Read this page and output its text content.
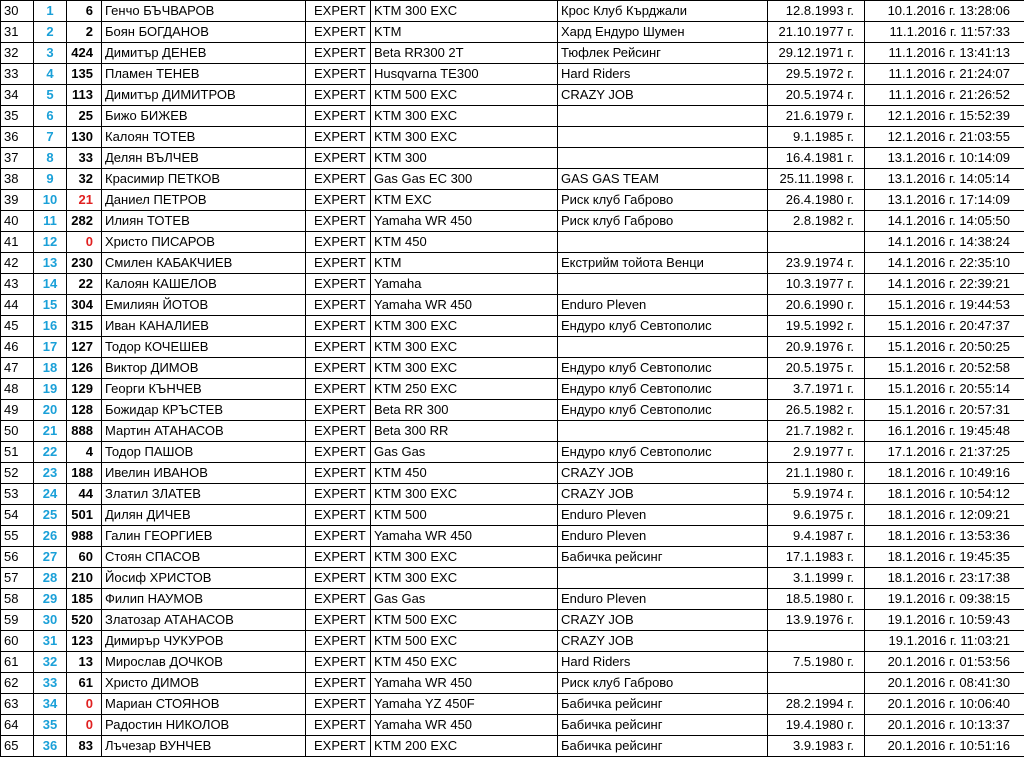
30	1	6	Генчо БЪЧВАРОВ	EXPERT	KTM 300 EXC	Крос Клуб Кърджали	12.8.1993 г.	10.1.2016 г. 13:28:06
31	2	2	Боян БОГДАНОВ	EXPERT	KTM	Хард Ендуро Шумен	21.10.1977 г.	11.1.2016 г. 11:57:33
32	3	424	Димитър ДЕНЕВ	EXPERT	Beta RR300 2T	Тюфлек Рейсинг	29.12.1971 г.	11.1.2016 г. 13:41:13
33	4	135	Пламен ТЕНЕВ	EXPERT	Husqvarna TE300	Hard Riders	29.5.1972 г.	11.1.2016 г. 21:24:07
34	5	113	Димитър ДИМИТРОВ	EXPERT	KTM 500 EXC	CRAZY JOB	20.5.1974 г.	11.1.2016 г. 21:26:52
35	6	25	Бижо БИЖЕВ	EXPERT	KTM 300 EXC		21.6.1979 г.	12.1.2016 г. 15:52:39
36	7	130	Калоян ТОТЕВ	EXPERT	KTM 300 EXC		9.1.1985 г.	12.1.2016 г. 21:03:55
37	8	33	Делян ВЪЛЧЕВ	EXPERT	KTM 300		16.4.1981 г.	13.1.2016 г. 10:14:09
38	9	32	Красимир ПЕТКОВ	EXPERT	Gas Gas EC 300	GAS GAS TEAM	25.11.1998 г.	13.1.2016 г. 14:05:14
39	10	21	Даниел ПЕТРОВ	EXPERT	KTM EXC	Риск клуб Габрово	26.4.1980 г.	13.1.2016 г. 17:14:09
40	11	282	Илиян ТОТЕВ	EXPERT	Yamaha WR 450	Риск клуб Габрово	2.8.1982 г.	14.1.2016 г. 14:05:50
41	12	0	Христо ПИСАРОВ	EXPERT	KTM 450			14.1.2016 г. 14:38:24
42	13	230	Смилен КАБАКЧИЕВ	EXPERT	KTM	Екстрийм тойота Венци	23.9.1974 г.	14.1.2016 г. 22:35:10
43	14	22	Калоян КАШЕЛОВ	EXPERT	Yamaha		10.3.1977 г.	14.1.2016 г. 22:39:21
44	15	304	Емилиян ЙОТОВ	EXPERT	Yamaha WR 450	Enduro Pleven	20.6.1990 г.	15.1.2016 г. 19:44:53
45	16	315	Иван КАНАЛИЕВ	EXPERT	KTM 300 EXC	Ендуро клуб Севтополис	19.5.1992 г.	15.1.2016 г. 20:47:37
46	17	127	Тодор КОЧЕШЕВ	EXPERT	KTM 300 EXC		20.9.1976 г.	15.1.2016 г. 20:50:25
47	18	126	Виктор ДИМОВ	EXPERT	KTM 300 EXC	Ендуро клуб Севтополис	20.5.1975 г.	15.1.2016 г. 20:52:58
48	19	129	Георги КЪНЧЕВ	EXPERT	KTM 250 EXC	Ендуро клуб Севтополис	3.7.1971 г.	15.1.2016 г. 20:55:14
49	20	128	Божидар КРЪСТЕВ	EXPERT	Beta RR 300	Ендуро клуб Севтополис	26.5.1982 г.	15.1.2016 г. 20:57:31
50	21	888	Мартин АТАНАСОВ	EXPERT	Beta 300 RR		21.7.1982 г.	16.1.2016 г. 19:45:48
51	22	4	Тодор ПАШОВ	EXPERT	Gas Gas	Ендуро клуб Севтополис	2.9.1977 г.	17.1.2016 г. 21:37:25
52	23	188	Ивелин ИВАНОВ	EXPERT	KTM 450	CRAZY JOB	21.1.1980 г.	18.1.2016 г. 10:49:16
53	24	44	Златил ЗЛАТЕВ	EXPERT	KTM 300 EXC	CRAZY JOB	5.9.1974 г.	18.1.2016 г. 10:54:12
54	25	501	Дилян ДИЧЕВ	EXPERT	KTM 500	Enduro Pleven	9.6.1975 г.	18.1.2016 г. 12:09:21
55	26	988	Галин ГЕОРГИЕВ	EXPERT	Yamaha WR 450	Enduro Pleven	9.4.1987 г.	18.1.2016 г. 13:53:36
56	27	60	Стоян СПАСОВ	EXPERT	KTM 300 EXC	Бабичка рейсинг	17.1.1983 г.	18.1.2016 г. 19:45:35
57	28	210	Йосиф ХРИСТОВ	EXPERT	KTM 300 EXC		3.1.1999 г.	18.1.2016 г. 23:17:38
58	29	185	Филип НАУМОВ	EXPERT	Gas Gas	Enduro Pleven	18.5.1980 г.	19.1.2016 г. 09:38:15
59	30	520	Златозар АТАНАСОВ	EXPERT	KTM 500 EXC	CRAZY JOB	13.9.1976 г.	19.1.2016 г. 10:59:43
60	31	123	Димирър ЧУКУРОВ	EXPERT	KTM 500 EXC	CRAZY JOB		19.1.2016 г. 11:03:21
61	32	13	Мирослав ДОЧКОВ	EXPERT	KTM 450 EXC	Hard Riders	7.5.1980 г.	20.1.2016 г. 01:53:56
62	33	61	Христо ДИМОВ	EXPERT	Yamaha WR 450	Риск клуб Габрово		20.1.2016 г. 08:41:30
63	34	0	Мариан СТОЯНОВ	EXPERT	Yamaha YZ 450F	Бабичка рейсинг	28.2.1994 г.	20.1.2016 г. 10:06:40
64	35	0	Радостин НИКОЛОВ	EXPERT	Yamaha WR 450	Бабичка рейсинг	19.4.1980 г.	20.1.2016 г. 10:13:37
65	36	83	Лъчезар ВУНЧЕВ	EXPERT	KTM 200 EXC	Бабичка рейсинг	3.9.1983 г.	20.1.2016 г. 10:51:16
